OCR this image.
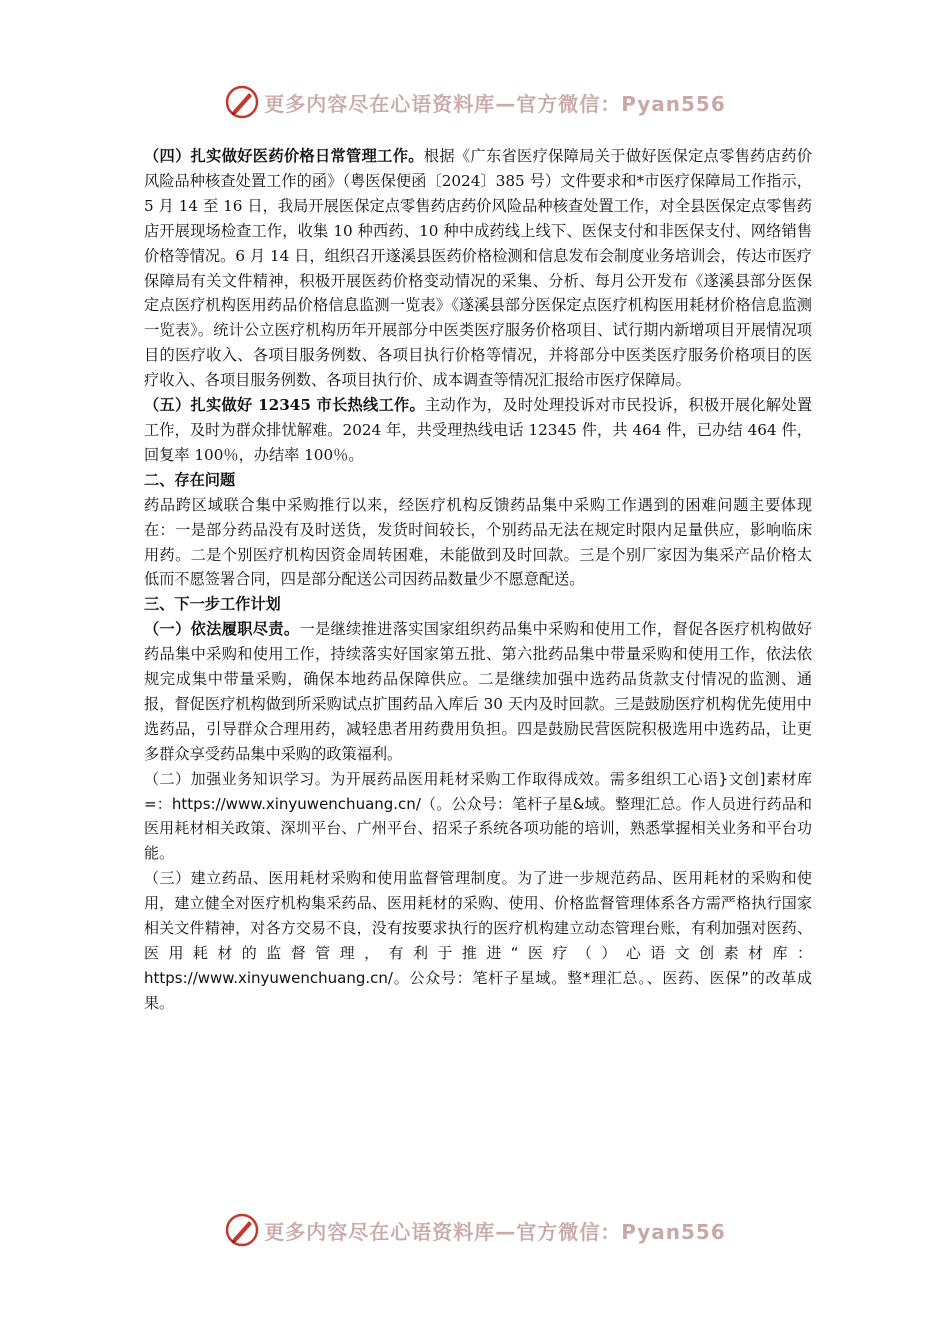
更多内容尽在心语资料库—官方微信：Pyan556

（四）扎实做好医药价格日常管理工作。根据《广东省医疗保障局关于做好医保定点零售药店药价风险品种核查处置工作的函》（粤医保便函〔2024〕385 号）文件要求和*市医疗保障局工作指示，5 月 14 至 16 日，我局开展医保定点零售药店药价风险品种核查处置工作，对全县医保定点零售药店开展现场检查工作，收集 10 种西药、10 种中成药线上线下、医保支付和非医保支付、网络销售价格等情况。6 月 14 日，组织召开遂溪县医药价格检测和信息发布会制度业务培训会，传达市医疗保障局有关文件精神，积极开展医药价格变动情况的采集、分析、每月公开发布《遂溪县部分医保定点医疗机构医用药品价格信息监测一览表》《遂溪县部分医保定点医疗机构医用耗材价格信息监测一览表》。统计公立医疗机构历年开展部分中医类医疗服务价格项目、试行期内新增项目开展情况项目的医疗收入、各项目服务例数、各项目执行价格等情况，并将部分中医类医疗服务价格项目的医疗收入、各项目服务例数、各项目执行价、成本调查等情况汇报给市医疗保障局。

（五）扎实做好 12345 市长热线工作。主动作为，及时处理投诉对市民投诉，积极开展化解处置工作，及时为群众排忧解难。2024 年，共受理热线电话 12345 件，共 464 件，已办结 464 件，回复率 100％，办结率 100％。

二、存在问题

药品跨区域联合集中采购推行以来，经医疗机构反馈药品集中采购工作遇到的困难问题主要体现在：一是部分药品没有及时送货，发货时间较长，个别药品无法在规定时限内足量供应，影响临床用药。二是个别医疗机构因资金周转困难，未能做到及时回款。三是个别厂家因为集采产品价格太低而不愿签署合同，四是部分配送公司因药品数量少不愿意配送。

三、下一步工作计划

（一）依法履职尽责。一是继续推进落实国家组织药品集中采购和使用工作，督促各医疗机构做好药品集中采购和使用工作，持续落实好国家第五批、第六批药品集中带量采购和使用工作，依法依规完成集中带量采购，确保本地药品保障供应。二是继续加强中选药品货款支付情况的监测、通报，督促医疗机构做到所采购试点扩围药品入库后 30 天内及时回款。三是鼓励医疗机构优先使用中选药品，引导群众合理用药，减轻患者用药费用负担。四是鼓励民营医院积极选用中选药品，让更多群众享受药品集中采购的政策福利。

（二）加强业务知识学习。为开展药品医用耗材采购工作取得成效。需多组织工心语}文创]素材库=：https://www.xinyuwenchuang.cn/（。公众号：笔杆子星&域。整理汇总。作人员进行药品和医用耗材相关政策、深圳平台、广州平台、招采子系统各项功能的培训，熟悉掌握相关业务和平台功能。

（三）建立药品、医用耗材采购和使用监督管理制度。为了进一步规范药品、医用耗材的采购和使用，建立健全对医疗机构集采药品、医用耗材的采购、使用、价格监督管理体系各方需严格执行国家相关文件精神，对各方交易不良，没有按要求执行的医疗机构建立动态管理台账，有利加强对医药、医用耗材的监督管理，有利于推进“医疗（）心语文创素材库：https://www.xinyuwenchuang.cn/。公众号：笔杆子星域。整*理汇总。、医药、医保”的改革成果。

更多内容尽在心语资料库—官方微信：Pyan556
